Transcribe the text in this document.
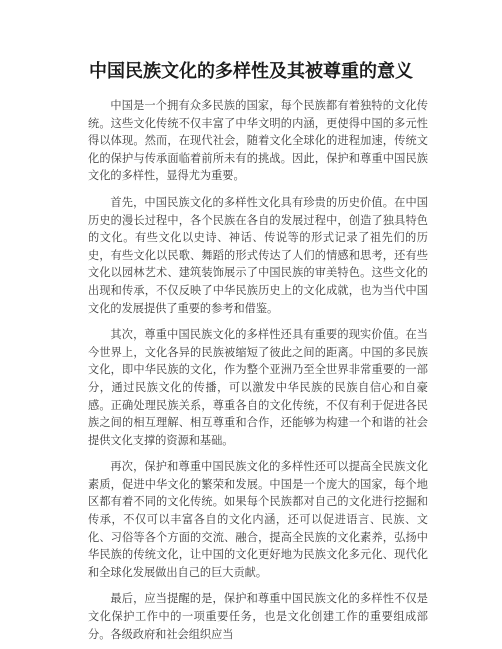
中国民族文化的多样性及其被尊重的意义

中国是一个拥有众多民族的国家，每个民族都有着独特的文化传统。这些文化传统不仅丰富了中华文明的内涵，更使得中国的多元性得以体现。然而，在现代社会，随着文化全球化的进程加速，传统文化的保护与传承面临着前所未有的挑战。因此，保护和尊重中国民族文化的多样性，显得尤为重要。

首先，中国民族文化的多样性文化具有珍贵的历史价值。在中国历史的漫长过程中，各个民族在各自的发展过程中，创造了独具特色的文化。有些文化以史诗、神话、传说等的形式记录了祖先们的历史，有些文化以民歌、舞蹈的形式传达了人们的情感和思考，还有些文化以园林艺术、建筑装饰展示了中国民族的审美特色。这些文化的出现和传承，不仅反映了中华民族历史上的文化成就，也为当代中国文化的发展提供了重要的参考和借鉴。

其次，尊重中国民族文化的多样性还具有重要的现实价值。在当今世界上，文化各异的民族被缩短了彼此之间的距离。中国的多民族文化，即中华民族的文化，作为整个亚洲乃至全世界非常重要的一部分，通过民族文化的传播，可以激发中华民族的民族自信心和自豪感。正确处理民族关系，尊重各自的文化传统，不仅有利于促进各民族之间的相互理解、相互尊重和合作，还能够为构建一个和谐的社会提供文化支撑的资源和基础。

再次，保护和尊重中国民族文化的多样性还可以提高全民族文化素质，促进中华文化的繁荣和发展。中国是一个庞大的国家，每个地区都有着不同的文化传统。如果每个民族都对自己的文化进行挖掘和传承，不仅可以丰富各自的文化内涵，还可以促进语言、民族、文化、习俗等各个方面的交流、融合，提高全民族的文化素养，弘扬中华民族的传统文化，让中国的文化更好地为民族文化多元化、现代化和全球化发展做出自己的巨大贡献。

最后，应当提醒的是，保护和尊重中国民族文化的多样性不仅是文化保护工作中的一项重要任务，也是文化创建工作的重要组成部分。各级政府和社会组织应当
